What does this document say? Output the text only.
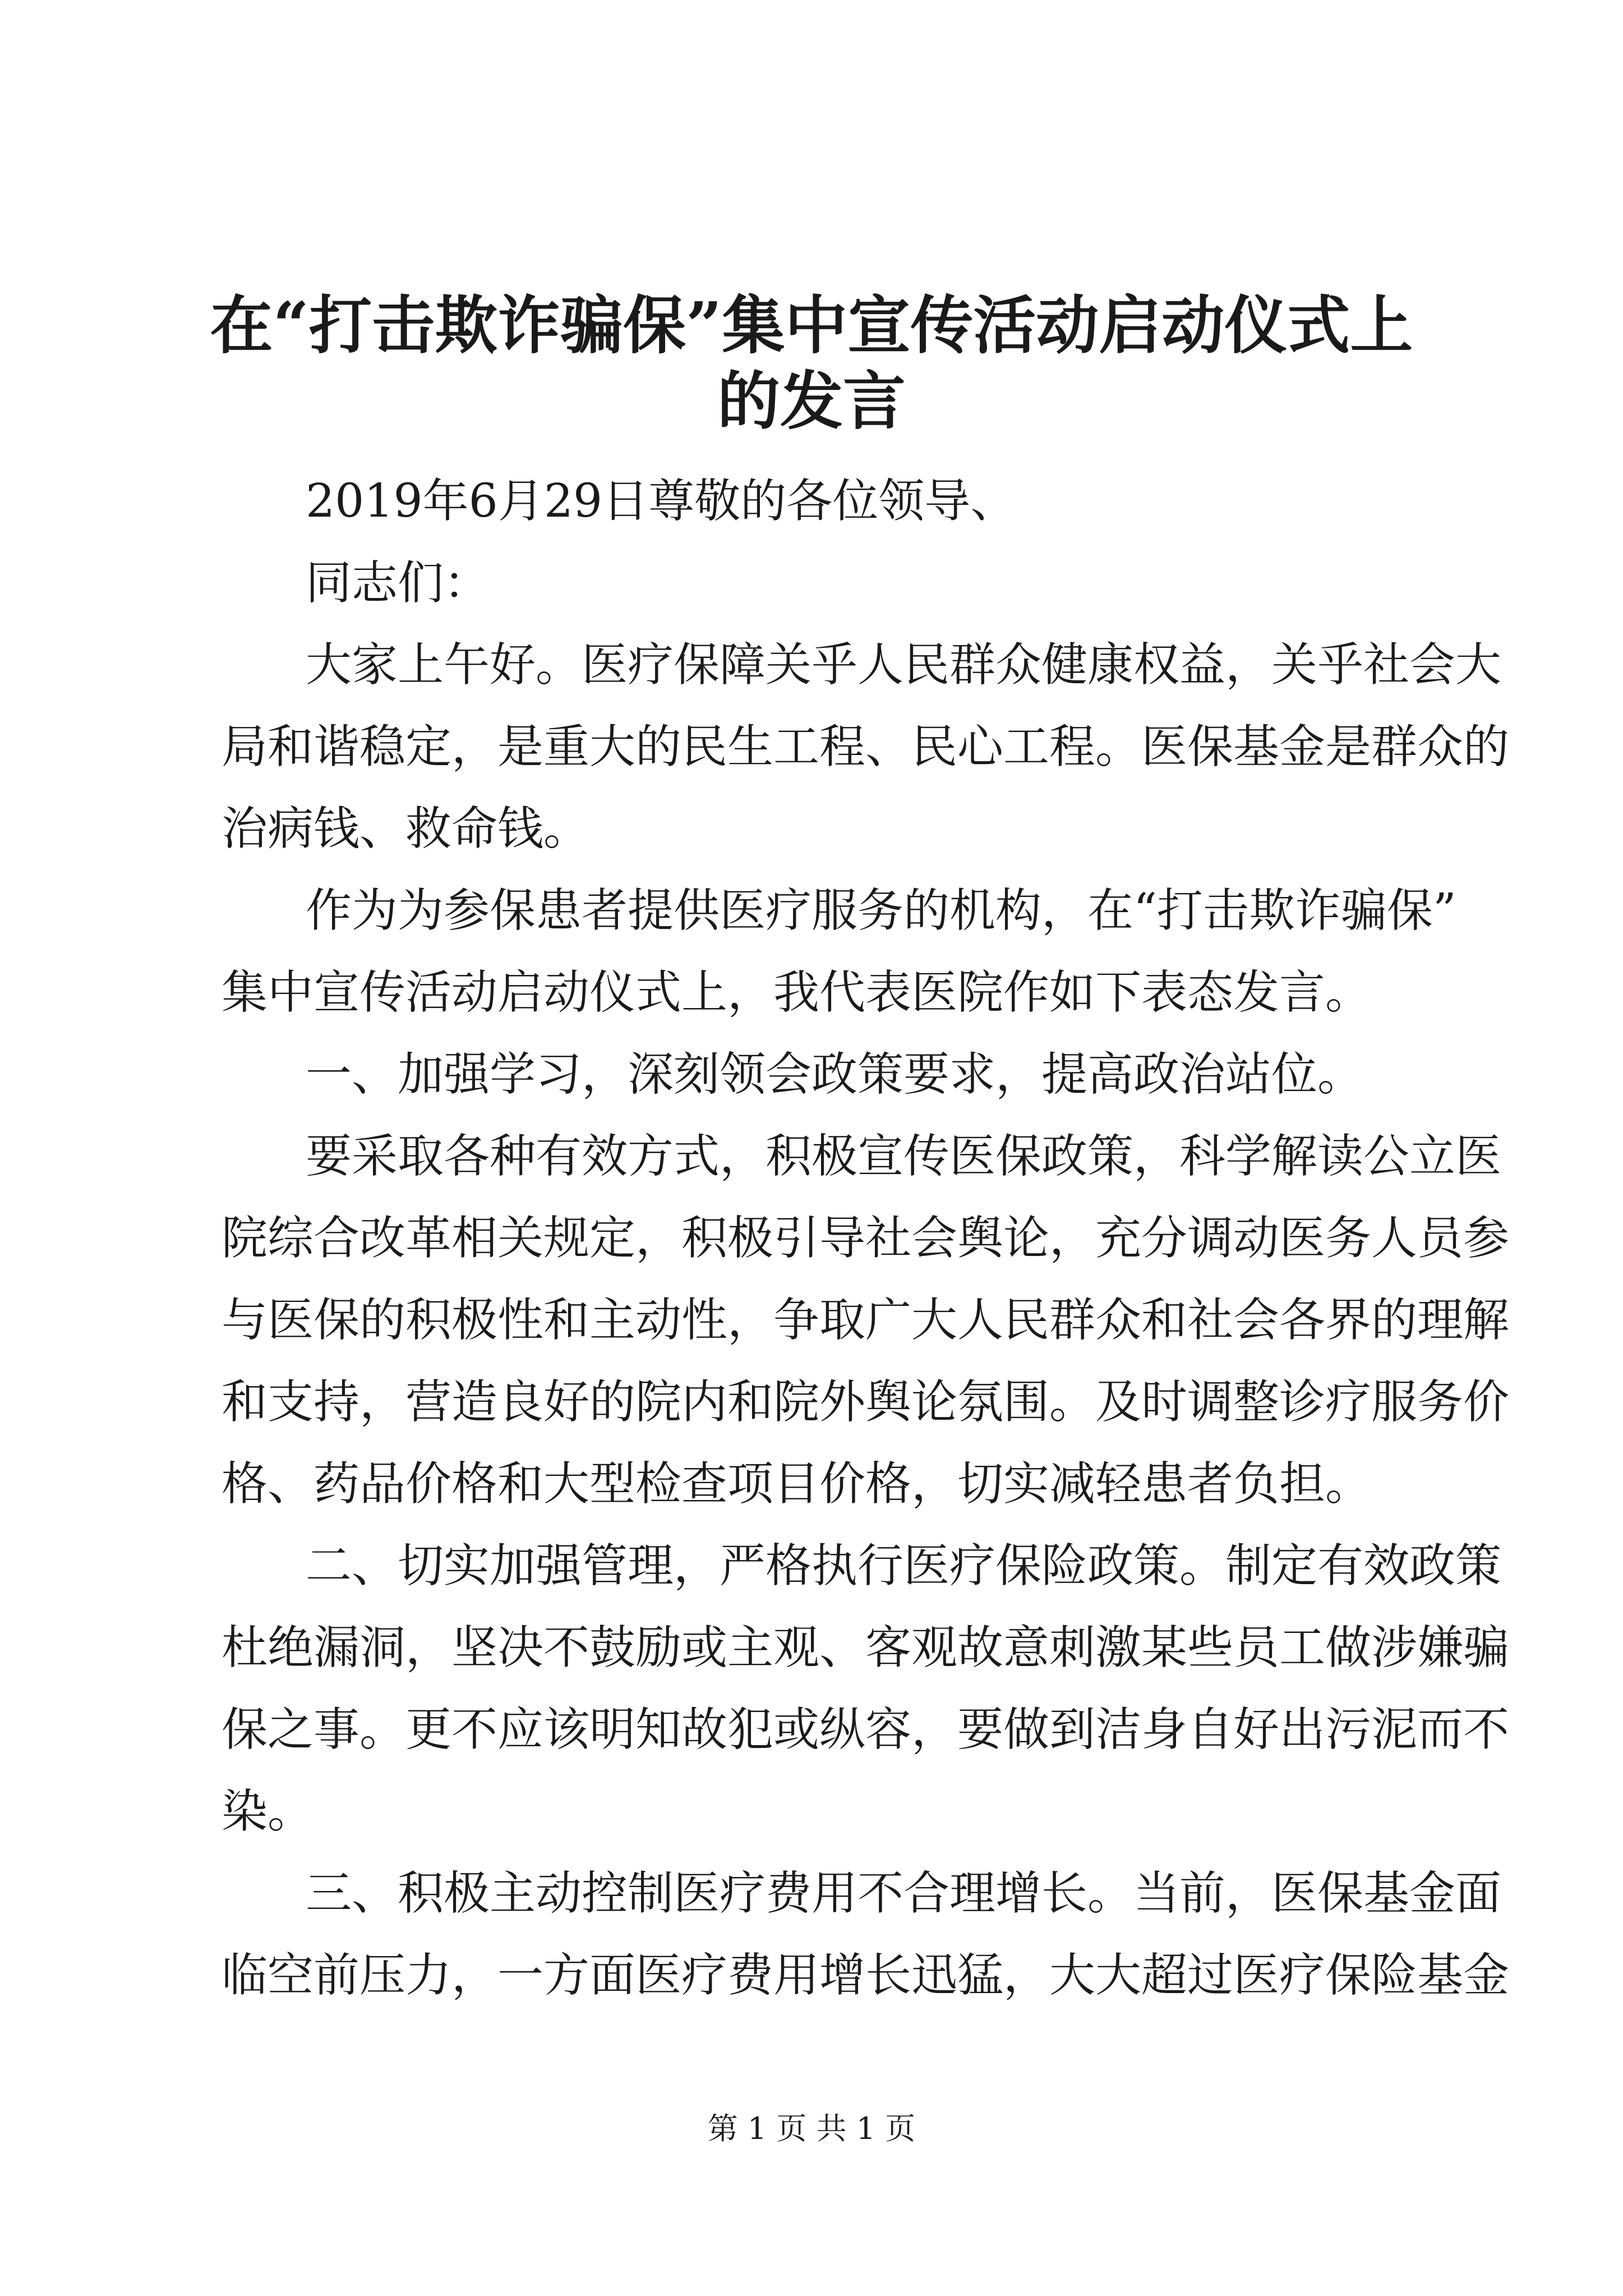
在“打击欺诈骗保”集中宣传活动启动仪式上
的发言

2019年6月29日尊敬的各位领导、

同志们：

大家上午好。医疗保障关乎人民群众健康权益，关乎社会大

局和谐稳定，是重大的民生工程、民心工程。医保基金是群众的

治病钱、救命钱。

作为为参保患者提供医疗服务的机构，在“打击欺诈骗保”

集中宣传活动启动仪式上，我代表医院作如下表态发言。

一、加强学习，深刻领会政策要求，提高政治站位。

要采取各种有效方式，积极宣传医保政策，科学解读公立医

院综合改革相关规定，积极引导社会舆论，充分调动医务人员参

与医保的积极性和主动性，争取广大人民群众和社会各界的理解

和支持，营造良好的院内和院外舆论氛围。及时调整诊疗服务价

格、药品价格和大型检查项目价格，切实减轻患者负担。

二、切实加强管理，严格执行医疗保险政策。制定有效政策

杜绝漏洞，坚决不鼓励或主观、客观故意刺激某些员工做涉嫌骗

保之事。更不应该明知故犯或纵容，要做到洁身自好出污泥而不

染。

三、积极主动控制医疗费用不合理增长。当前，医保基金面

临空前压力，一方面医疗费用增长迅猛，大大超过医疗保险基金

第 1 页 共 1 页
